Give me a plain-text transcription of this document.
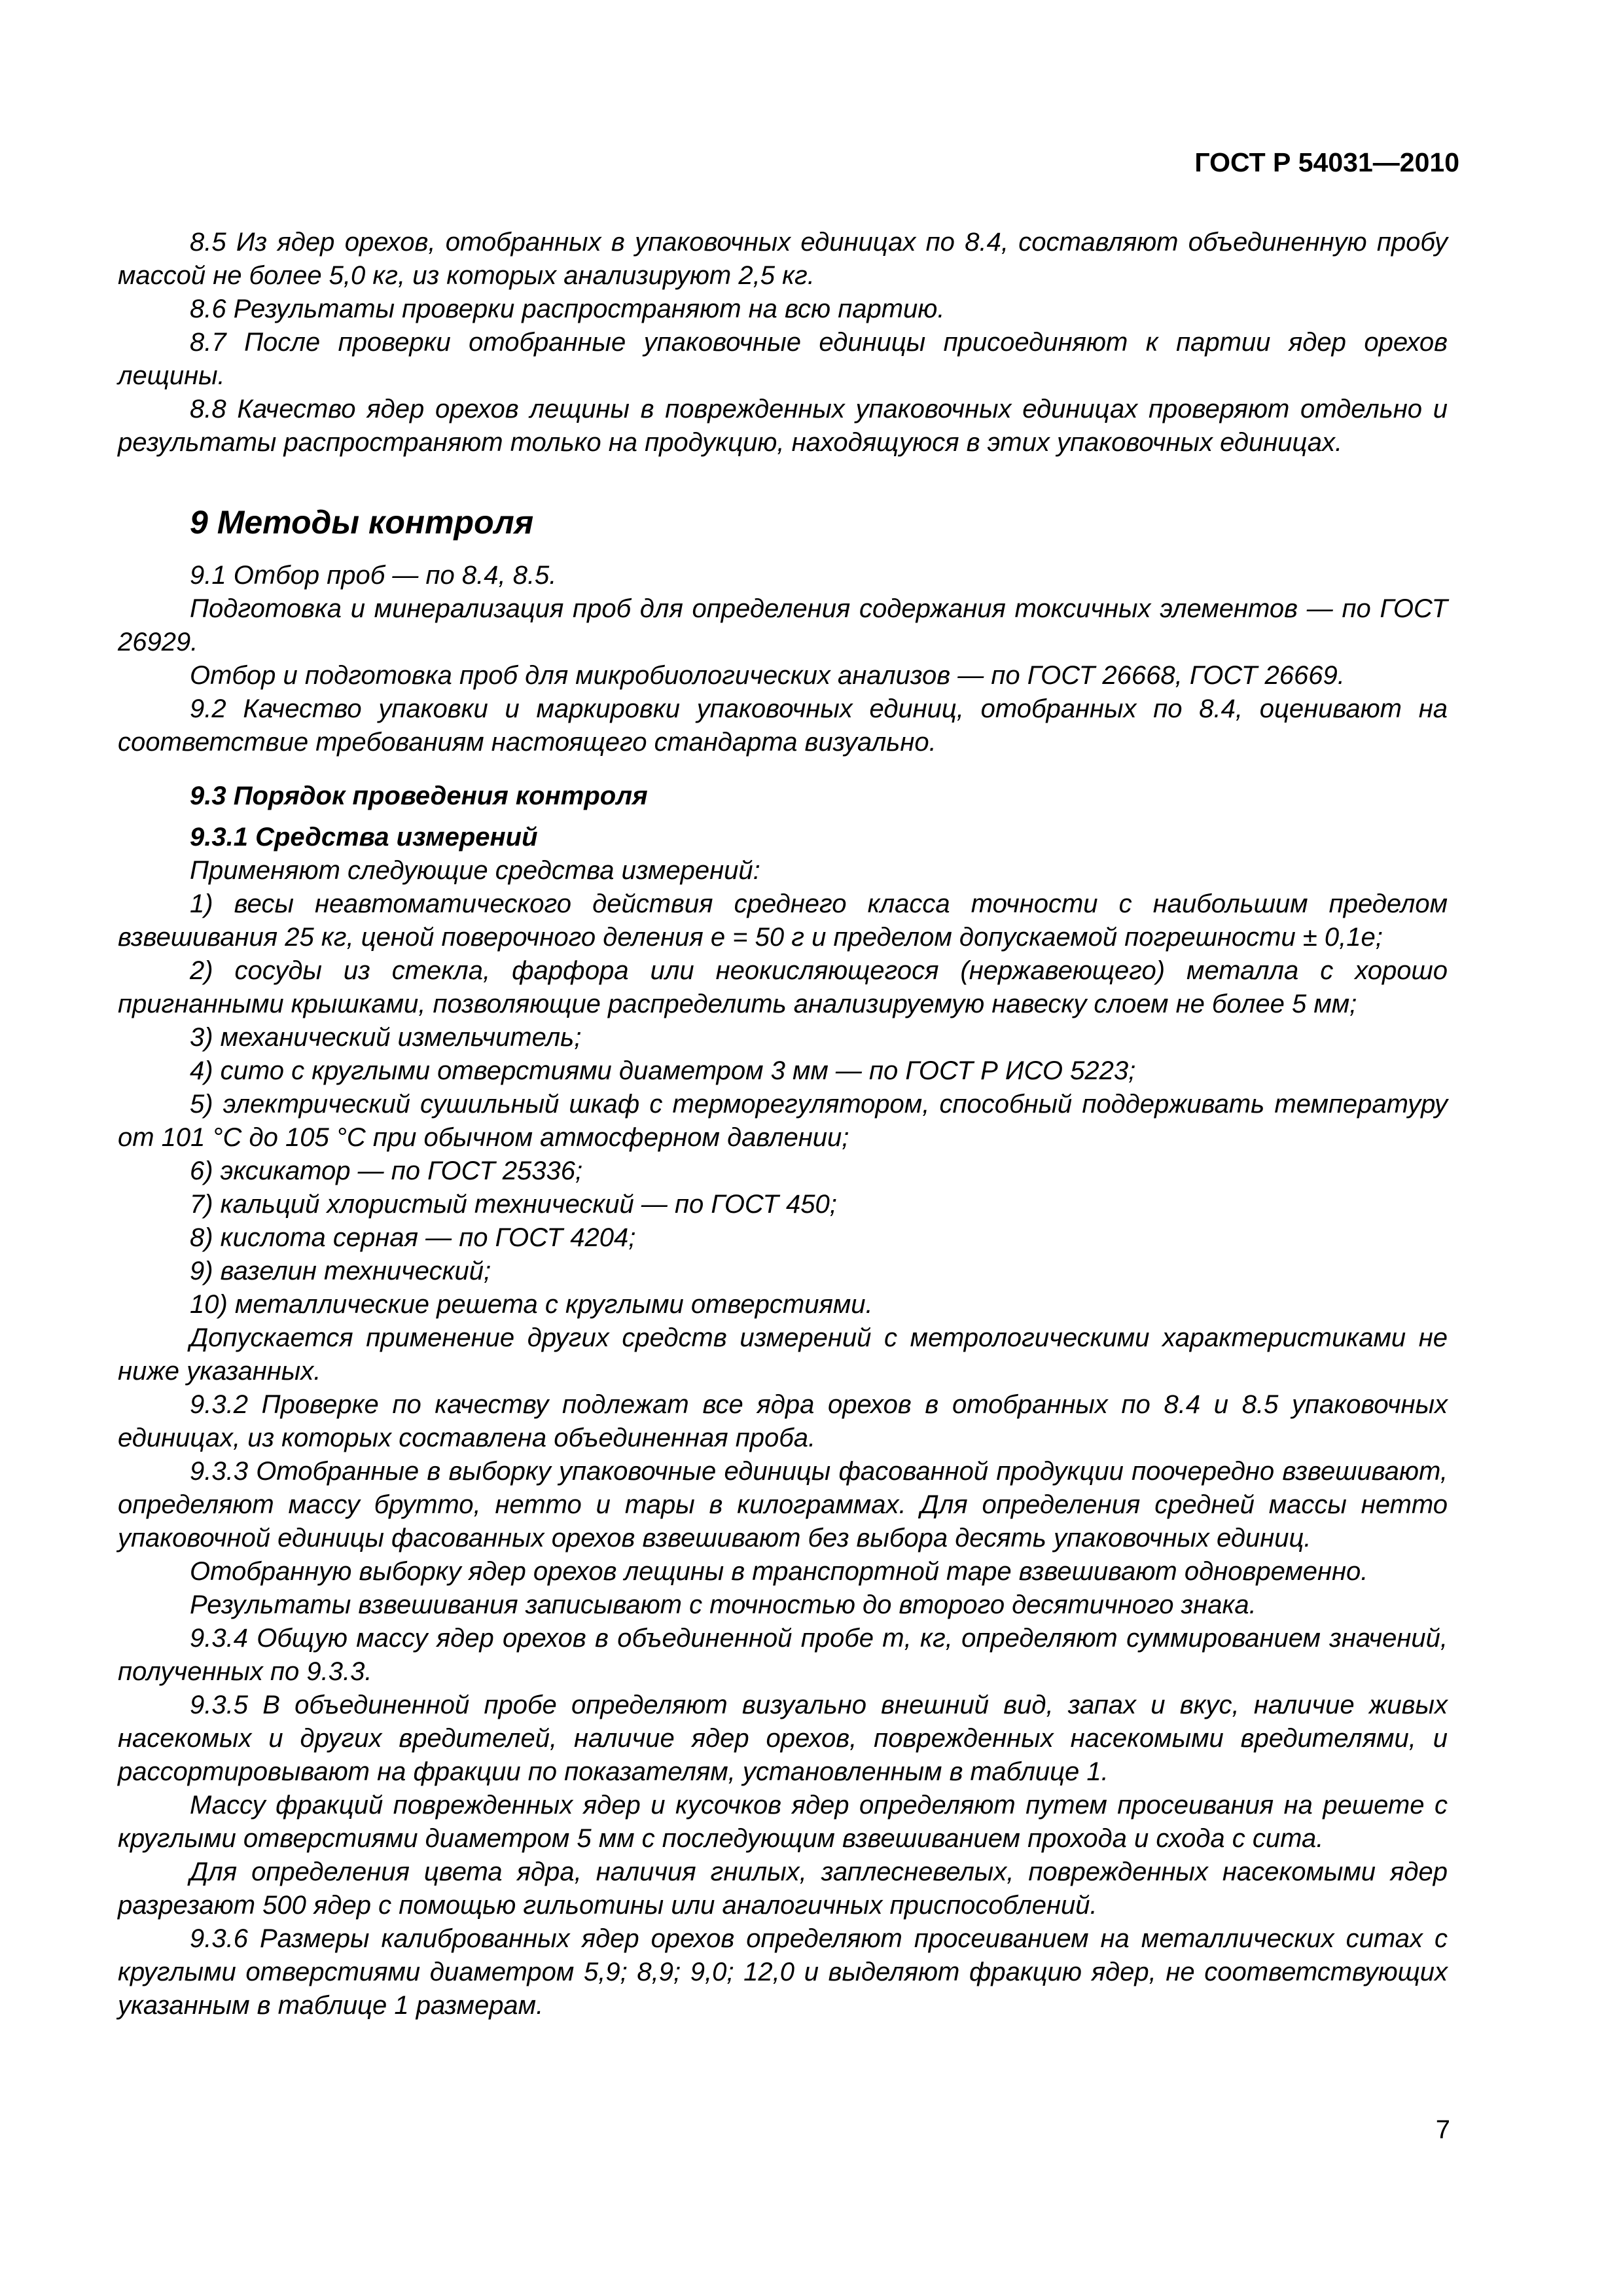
ГОСТ Р 54031—2010

8.5 Из ядер орехов, отобранных в упаковочных единицах по 8.4, составляют объединенную пробу массой не более 5,0 кг, из которых анализируют 2,5 кг.

8.6 Результаты проверки распространяют на всю партию.

8.7 После проверки отобранные упаковочные единицы присоединяют к партии ядер орехов лещины.

8.8 Качество ядер орехов лещины в поврежденных упаковочных единицах проверяют отдельно и результаты распространяют только на продукцию, находящуюся в этих упаковочных единицах.

9 Методы контроля

9.1 Отбор проб — по 8.4, 8.5.

Подготовка и минерализация проб для определения содержания токсичных элементов — по ГОСТ 26929.

Отбор и подготовка проб для микробиологических анализов — по ГОСТ 26668, ГОСТ 26669.

9.2 Качество упаковки и маркировки упаковочных единиц, отобранных по 8.4, оценивают на соответствие требованиям настоящего стандарта визуально.

9.3 Порядок проведения контроля
9.3.1 Средства измерений

Применяют следующие средства измерений:

1) весы неавтоматического действия среднего класса точности с наибольшим пределом взвешивания 25 кг, ценой поверочного деления e = 50 г и пределом допускаемой погрешности ± 0,1e;

2) сосуды из стекла, фарфора или неокисляющегося (нержавеющего) металла с хорошо пригнанными крышками, позволяющие распределить анализируемую навеску слоем не более 5 мм;

3) механический измельчитель;

4) сито с круглыми отверстиями диаметром 3 мм — по ГОСТ Р ИСО 5223;

5) электрический сушильный шкаф с терморегулятором, способный поддерживать температуру от 101 °С до 105 °С при обычном атмосферном давлении;

6) эксикатор — по ГОСТ 25336;

7) кальций хлористый технический — по ГОСТ 450;

8) кислота серная — по ГОСТ 4204;

9) вазелин технический;

10) металлические решета с круглыми отверстиями.

Допускается применение других средств измерений с метрологическими характеристиками не ниже указанных.

9.3.2 Проверке по качеству подлежат все ядра орехов в отобранных по 8.4 и 8.5 упаковочных единицах, из которых составлена объединенная проба.

9.3.3 Отобранные в выборку упаковочные единицы фасованной продукции поочередно взвешивают, определяют массу брутто, нетто и тары в килограммах. Для определения средней массы нетто упаковочной единицы фасованных орехов взвешивают без выбора десять упаковочных единиц.

Отобранную выборку ядер орехов лещины в транспортной таре взвешивают одновременно.

Результаты взвешивания записывают с точностью до второго десятичного знака.

9.3.4 Общую массу ядер орехов в объединенной пробе m, кг, определяют суммированием значений, полученных по 9.3.3.

9.3.5 В объединенной пробе определяют визуально внешний вид, запах и вкус, наличие живых насекомых и других вредителей, наличие ядер орехов, поврежденных насекомыми вредителями, и рассортировывают на фракции по показателям, установленным в таблице 1.

Массу фракций поврежденных ядер и кусочков ядер определяют путем просеивания на решете с круглыми отверстиями диаметром 5 мм с последующим взвешиванием прохода и схода с сита.

Для определения цвета ядра, наличия гнилых, заплесневелых, поврежденных насекомыми ядер разрезают 500 ядер с помощью гильотины или аналогичных приспособлений.

9.3.6 Размеры калиброванных ядер орехов определяют просеиванием на металлических ситах с круглыми отверстиями диаметром 5,9; 8,9; 9,0; 12,0 и выделяют фракцию ядер, не соответствующих указанным в таблице 1 размерам.

7
